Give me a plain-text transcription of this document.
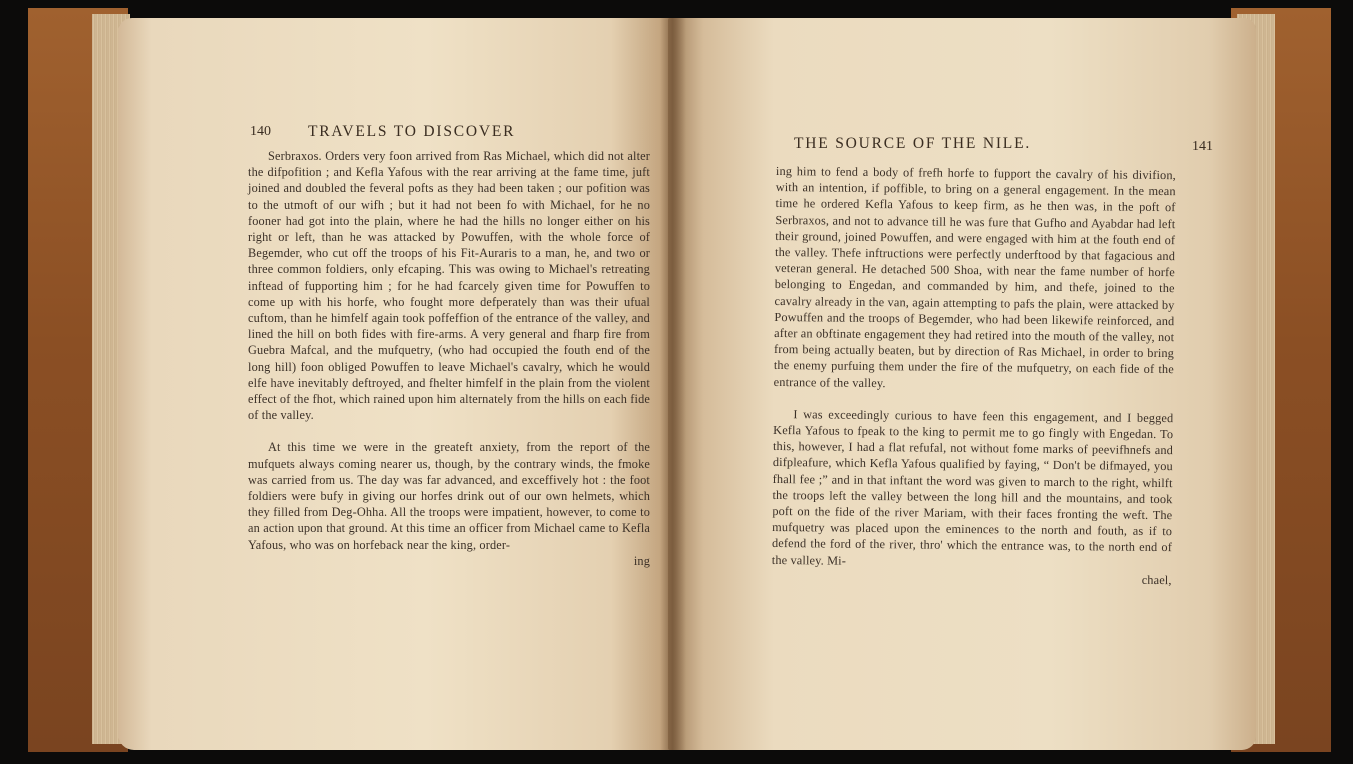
140 TRAVELS TO DISCOVER

Serbraxos. Orders very foon arrived from Ras Michael, which did not alter the difpofition ; and Kefla Yafous with the rear arriving at the fame time, juft joined and doubled the feveral pofts as they had been taken ; our pofition was to the utmoft of our wifh ; but it had not been fo with Michael, for he no fooner had got into the plain, where he had the hills no longer either on his right or left, than he was attacked by Powuffen, with the whole force of Begemder, who cut off the troops of his Fit-Auraris to a man, he, and two or three common foldiers, only efcaping. This was owing to Michael's retreating inftead of fupporting him ; for he had fcarcely given time for Powuffen to come up with his horfe, who fought more defperately than was their ufual cuftom, than he himfelf again took poffeffion of the entrance of the valley, and lined the hill on both fides with fire-arms. A very general and fharp fire from Guebra Mafcal, and the mufquetry, (who had occupied the fouth end of the long hill) foon obliged Powuffen to leave Michael's cavalry, which he would elfe have inevitably deftroyed, and fhelter himfelf in the plain from the violent effect of the fhot, which rained upon him alternately from the hills on each fide of the valley.

At this time we were in the greateft anxiety, from the report of the mufquets always coming nearer us, though, by the contrary winds, the fmoke was carried from us. The day was far advanced, and exceffively hot : the foot foldiers were bufy in giving our horfes drink out of our own helmets, which they filled from Deg-Ohha. All the troops were impatient, however, to come to an action upon that ground. At this time an officer from Michael came to Kefla Yafous, who was on horfeback near the king, order-

ing
THE SOURCE OF THE NILE.	141

ing him to fend a body of frefh horfe to fupport the cavalry of his divifion, with an intention, if poffible, to bring on a general engagement. In the mean time he ordered Kefla Yafous to keep firm, as he then was, in the poft of Serbraxos, and not to advance till he was fure that Gufho and Ayabdar had left their ground, joined Powuffen, and were engaged with him at the fouth end of the valley. Thefe inftructions were perfectly underftood by that fagacious and veteran general. He detached 500 Shoa, with near the fame number of horfe belonging to Engedan, and commanded by him, and thefe, joined to the cavalry already in the van, again attempting to pafs the plain, were attacked by Powuffen and the troops of Begemder, who had been likewife reinforced, and after an obftinate engagement they had retired into the mouth of the valley, not from being actually beaten, but by direction of Ras Michael, in order to bring the enemy purfuing them under the fire of the mufquetry, on each fide of the entrance of the valley.

I was exceedingly curious to have feen this engagement, and I begged Kefla Yafous to fpeak to the king to permit me to go fingly with Engedan. To this, however, I had a flat refufal, not without fome marks of peevifhnefs and difpleafure, which Kefla Yafous qualified by faying, “ Don't be difmayed, you fhall fee ;” and in that inftant the word was given to march to the right, whilft the troops left the valley between the long hill and the mountains, and took poft on the fide of the river Mariam, with their faces fronting the weft. The mufquetry was placed upon the eminences to the north and fouth, as if to defend the ford of the river, thro' which the entrance was, to the north end of the valley. Mi-

chael,
